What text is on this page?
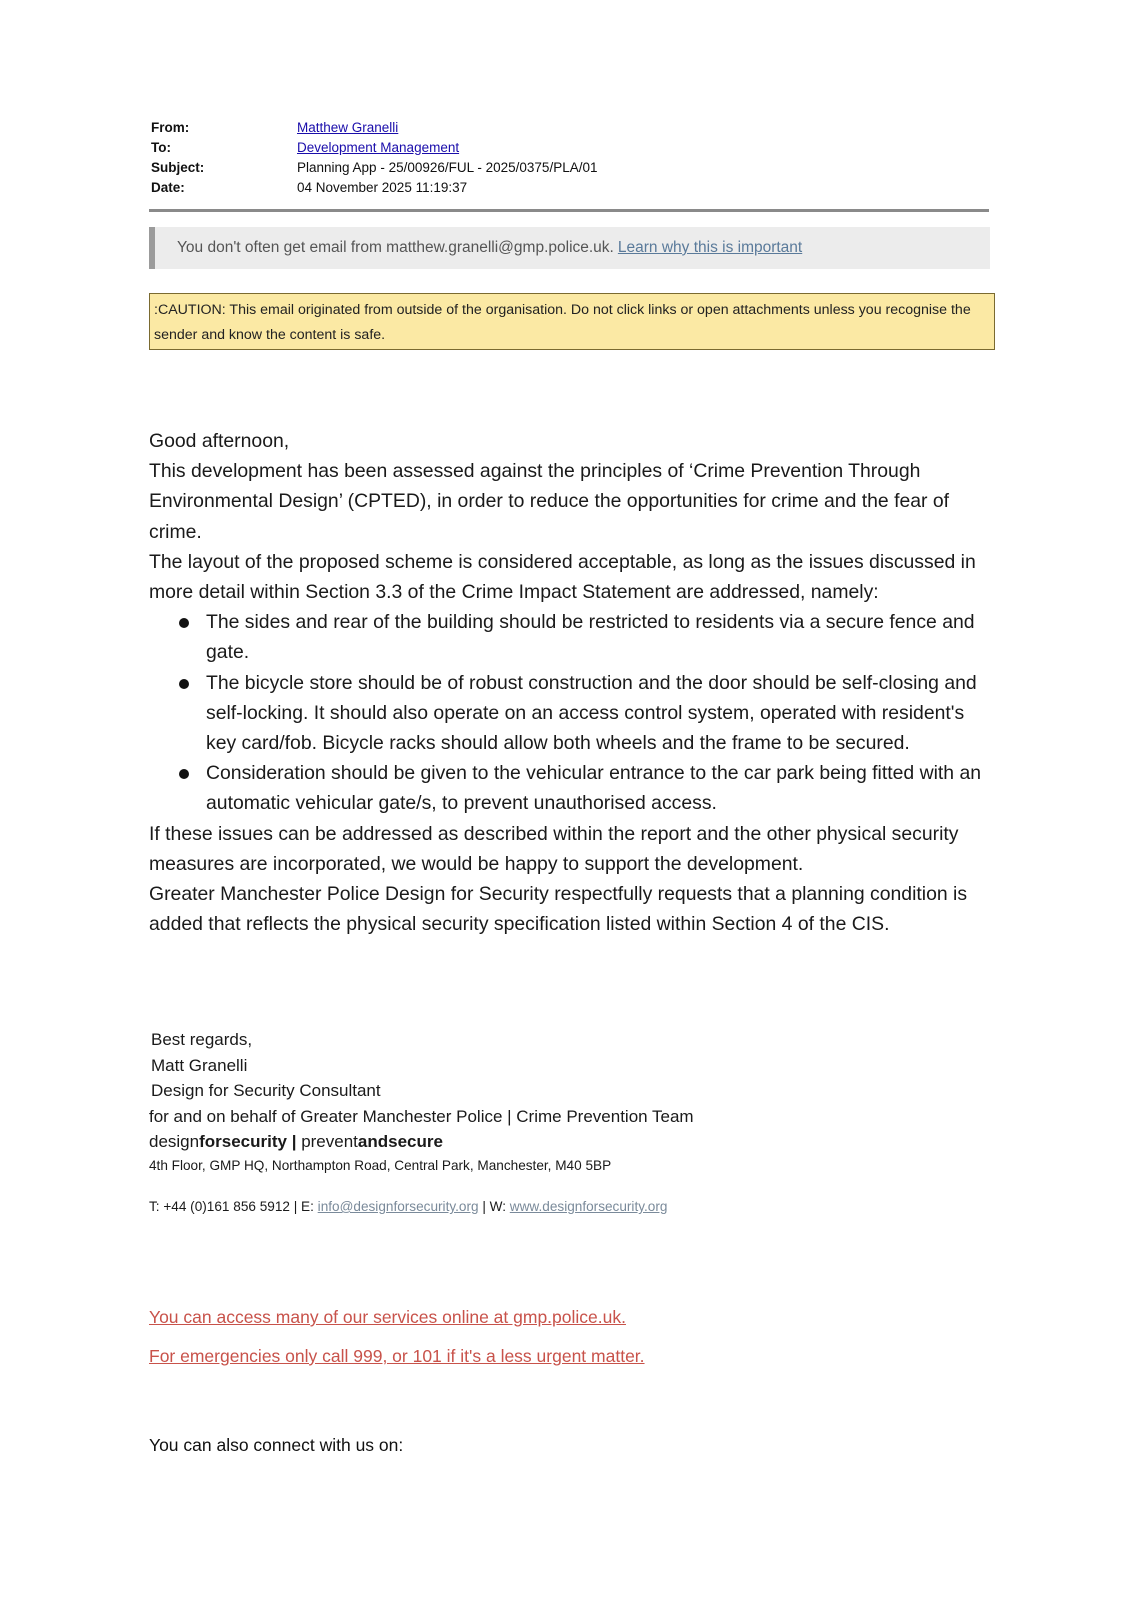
From:	Matthew Granelli
To:	Development Management
Subject:	Planning App - 25/00926/FUL - 2025/0375/PLA/01
Date:	04 November 2025 11:19:37
You don't often get email from matthew.granelli@gmp.police.uk. Learn why this is important
:CAUTION: This email originated from outside of the organisation. Do not click links or open attachments unless you recognise the sender and know the content is safe.

Good afternoon,

This development has been assessed against the principles of ‘Crime Prevention Through Environmental Design’ (CPTED), in order to reduce the opportunities for crime and the fear of crime.

The layout of the proposed scheme is considered acceptable, as long as the issues discussed in more detail within Section 3.3 of the Crime Impact Statement are addressed, namely:

The sides and rear of the building should be restricted to residents via a secure fence and gate.
The bicycle store should be of robust construction and the door should be self-closing and self-locking. It should also operate on an access control system, operated with resident's key card/fob. Bicycle racks should allow both wheels and the frame to be secured.
Consideration should be given to the vehicular entrance to the car park being fitted with an automatic vehicular gate/s, to prevent unauthorised access.

If these issues can be addressed as described within the report and the other physical security measures are incorporated, we would be happy to support the development.

Greater Manchester Police Design for Security respectfully requests that a planning condition is added that reflects the physical security specification listed within Section 4 of the CIS.

Best regards,
Matt Granelli
Design for Security Consultant
for and on behalf of Greater Manchester Police | Crime Prevention Team
designforsecurity | preventandsecure
4th Floor, GMP HQ, Northampton Road, Central Park, Manchester, M40 5BP
T: +44 (0)161 856 5912 | E: info@designforsecurity.org | W: www.designforsecurity.org
You can access many of our services online at gmp.police.uk.
For emergencies only call 999, or 101 if it's a less urgent matter.
You can also connect with us on:
